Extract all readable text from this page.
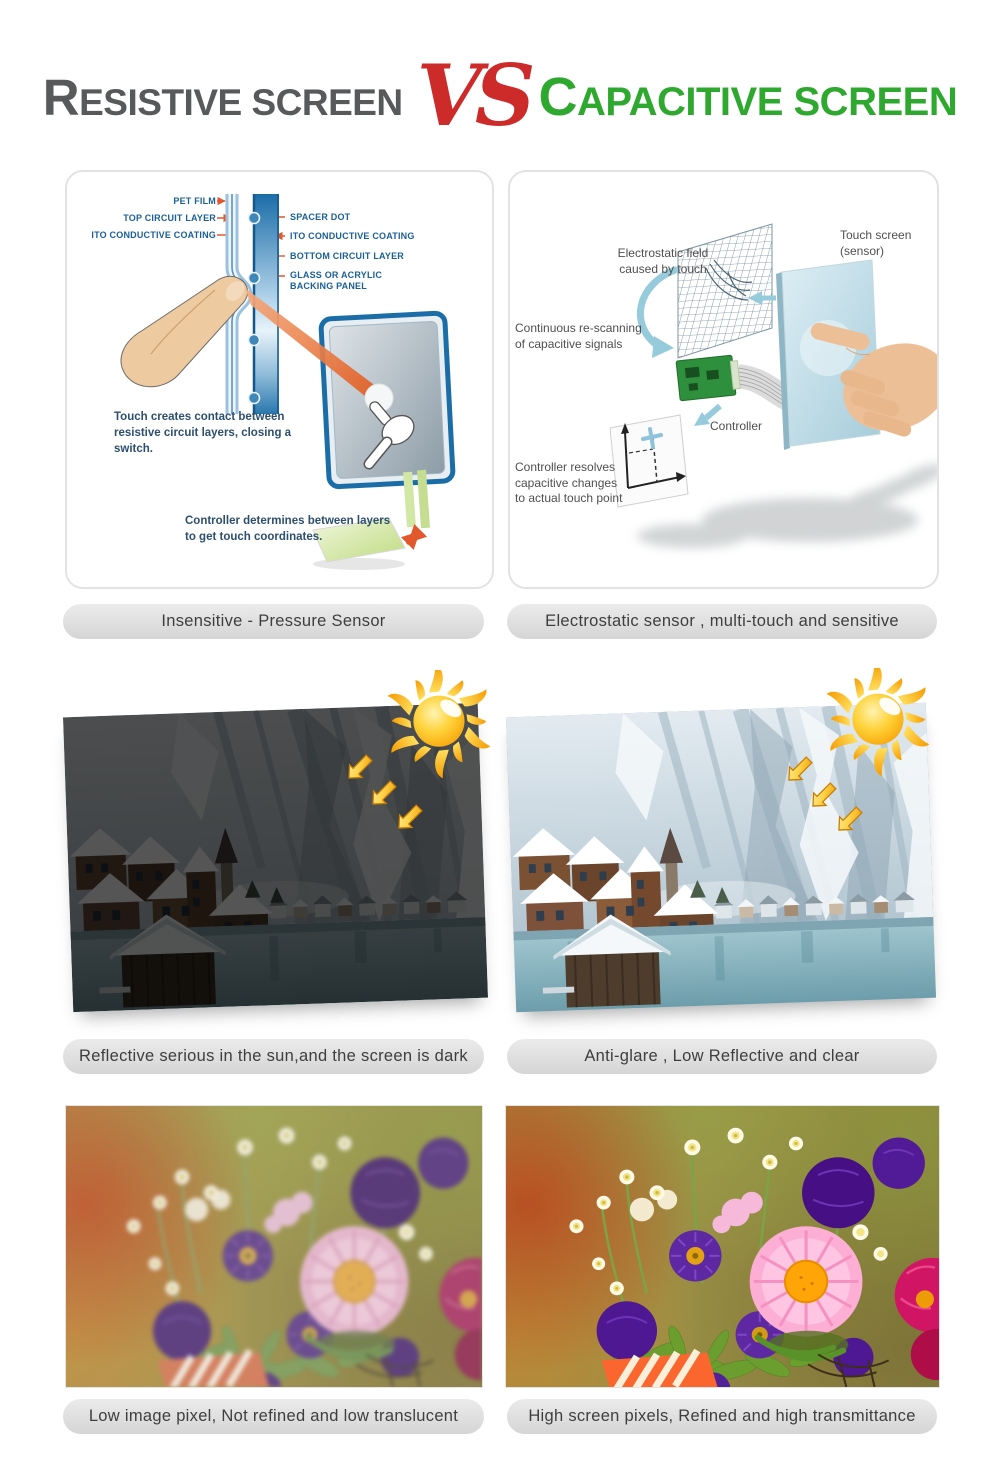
RESISTIVE SCREEN VS CAPACITIVE SCREEN
PET FILM
TOP CIRCUIT LAYER
ITO CONDUCTIVE COATING
SPACER DOT
ITO CONDUCTIVE COATING
BOTTOM CIRCUIT LAYER
GLASS OR ACRYLIC BACKING PANEL
Touch creates contact between resistive circuit layers, closing a switch.
Controller determines between layers to get touch coordinates.
Electrostatic field caused by touch
Touch screen (sensor)
Continuous re-scanning of capacitive signals
Controller
Controller resolves capacitive changes to actual touch point
Insensitive - Pressure Sensor	Electrostatic sensor , multi-touch and sensitive
Reflective serious in the sun,and the screen is dark	Anti-glare , Low Reflective and clear
Low image pixel, Not refined and low translucent	High screen pixels, Refined and high transmittance
